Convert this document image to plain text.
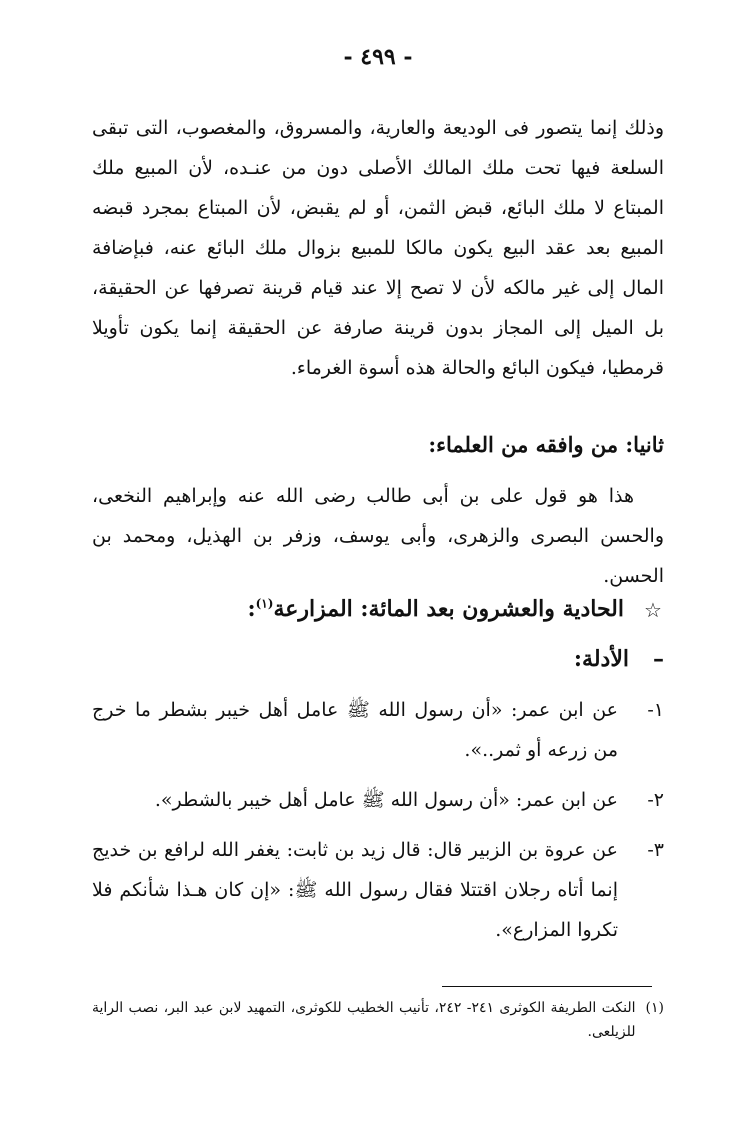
- ٤٩٩ -

وذلك إنما يتصور فى الوديعة والعارية، والمسروق، والمغصوب، التى تبقى السلعة فيها تحت ملك المالك الأصلى دون من عنـده، لأن المبيع ملك المبتاع لا ملك البائع، قبض الثمن، أو لم يقبض، لأن المبتاع بمجرد قبضه المبيع بعد عقد البيع يكون مالكا للمبيع بزوال ملك البائع عنه، فبإضافة المال إلى غير مالكه لأن لا تصح إلا عند قيام قرينة تصرفها عن الحقيقة، بل الميل إلى المجاز بدون قرينة صارفة عن الحقيقة إنما يكون تأويلا قرمطيا، فيكون البائع والحالة هذه أسوة الغرماء.

ثانيا: من وافقه من العلماء:

هذا هو قول على بن أبى طالب رضى الله عنه وإبراهيم النخعى، والحسن البصرى والزهرى، وأبى يوسف، وزفر بن الهذيل، ومحمد بن الحسن.

☆
الحادية والعشرون بعد المائة: المزارعة$^{(١)}$:
–
الأدلة:
١-
عن ابن عمر: «أن رسول الله ﷺ عامل أهل خيبر بشطر ما خرج من زرعه أو ثمر..».
٢-
عن ابن عمر: «أن رسول الله ﷺ عامل أهل خيبر بالشطر».
٣-
عن عروة بن الزبير قال: قال زيد بن ثابت: يغفر الله لرافع بن خديج إنما أتاه رجلان اقتتلا فقال رسول الله ﷺ: «إن كان هـذا شأنكم فلا تكروا المزارع».
(١)
النكت الطريفة الكوثرى ٢٤١- ٢٤٢، تأنيب الخطيب للكوثرى، التمهيد لابن عبد البر، نصب الراية للزيلعى.
